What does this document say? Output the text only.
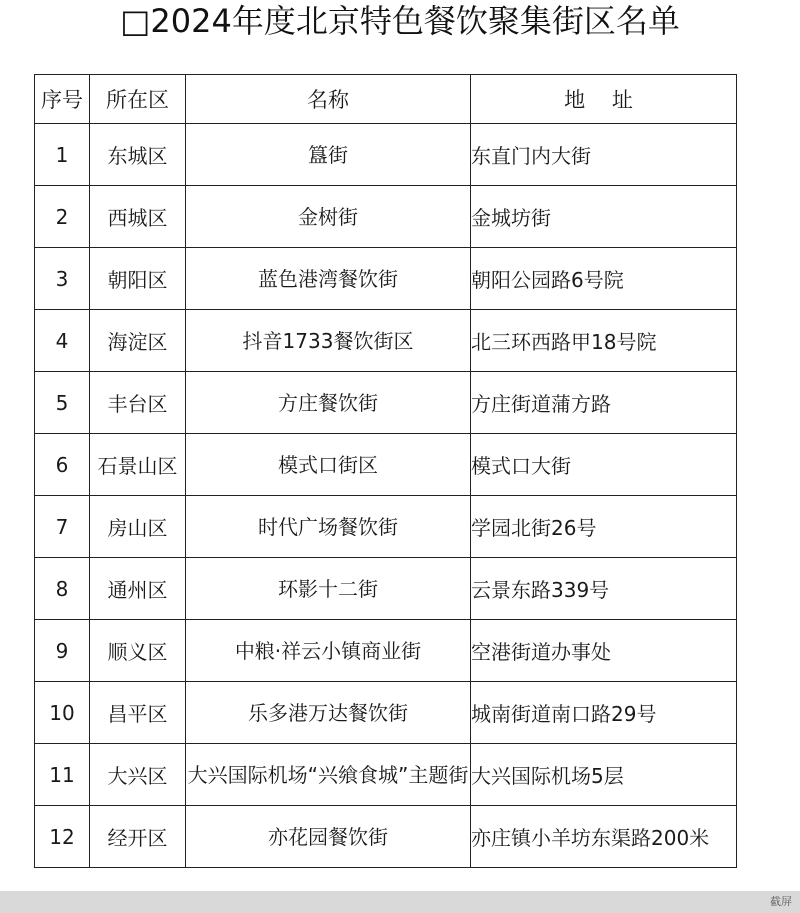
□2024年度北京特色餐饮聚集街区名单
序号	所在区	名称	地 址
1	东城区	簋街	东直门内大街
2	西城区	金树街	金城坊街
3	朝阳区	蓝色港湾餐饮街	朝阳公园路6号院
4	海淀区	抖音1733餐饮街区	北三环西路甲18号院
5	丰台区	方庄餐饮街	方庄街道蒲方路
6	石景山区	模式口街区	模式口大街
7	房山区	时代广场餐饮街	学园北街26号
8	通州区	环影十二街	云景东路339号
9	顺义区	中粮·祥云小镇商业街	空港街道办事处
10	昌平区	乐多港万达餐饮街	城南街道南口路29号
11	大兴区	大兴国际机场“兴飨食城”主题街	大兴国际机场5层
12	经开区	亦花园餐饮街	亦庄镇小羊坊东渠路200米
截屏
